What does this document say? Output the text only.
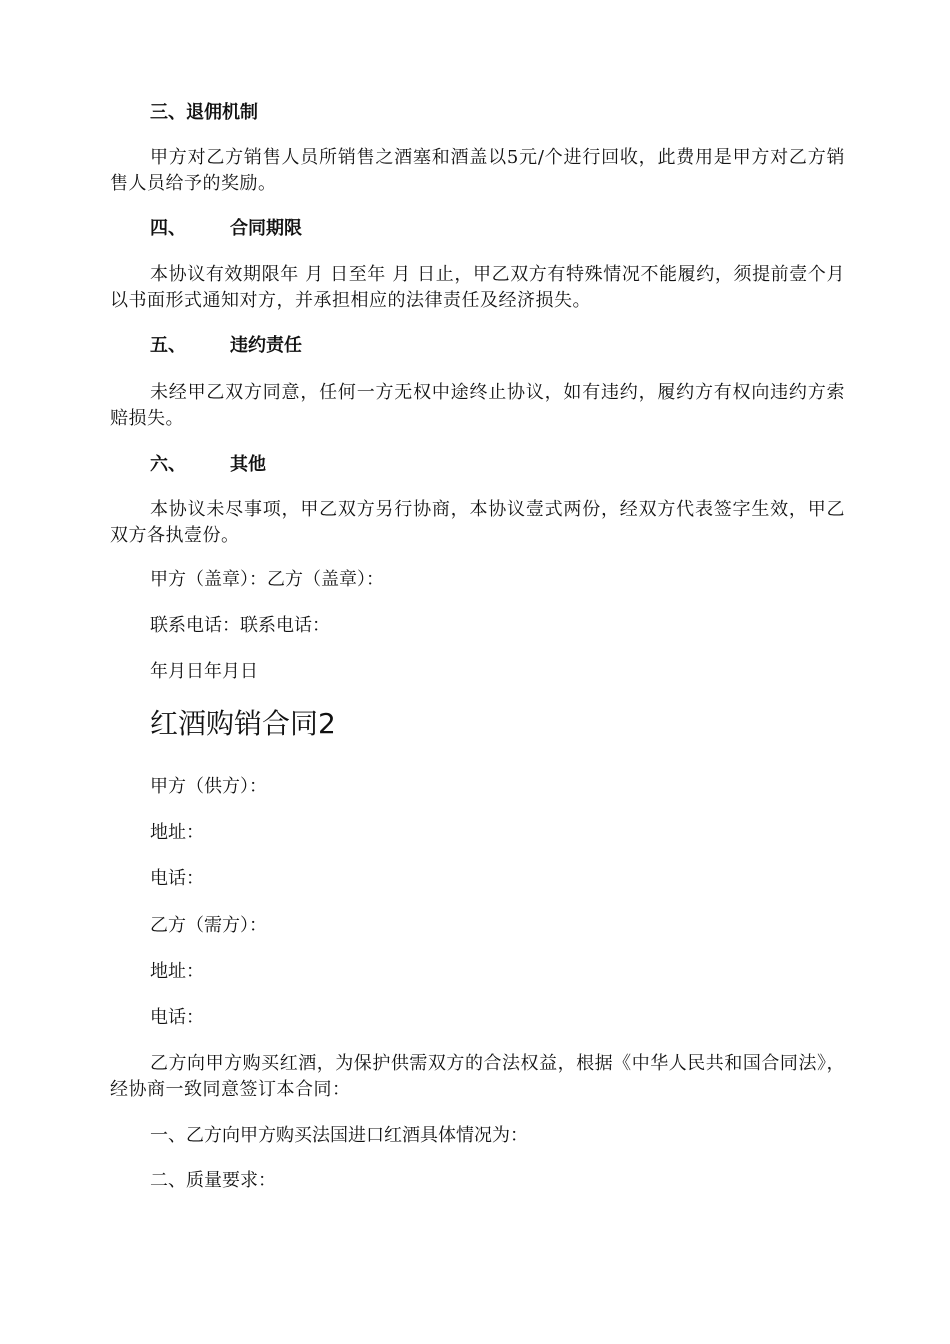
三、退佣机制

甲方对乙方销售人员所销售之酒塞和酒盖以5元/个进行回收，此费用是甲方对乙方销售人员给予的奖励。

四、 合同期限

本协议有效期限年 月 日至年 月 日止，甲乙双方有特殊情况不能履约，须提前壹个月以书面形式通知对方，并承担相应的法律责任及经济损失。

五、 违约责任

未经甲乙双方同意，任何一方无权中途终止协议，如有违约，履约方有权向违约方索赔损失。

六、 其他

本协议未尽事项，甲乙双方另行协商，本协议壹式两份，经双方代表签字生效，甲乙双方各执壹份。

甲方（盖章）：乙方（盖章）：
联系电话：联系电话：
年月日年月日
红酒购销合同2
甲方（供方）：
地址：
电话：
乙方（需方）：
地址：
电话：

乙方向甲方购买红酒，为保护供需双方的合法权益，根据《中华人民共和国合同法》，经协商一致同意签订本合同：

一、乙方向甲方购买法国进口红酒具体情况为：
二、质量要求：
